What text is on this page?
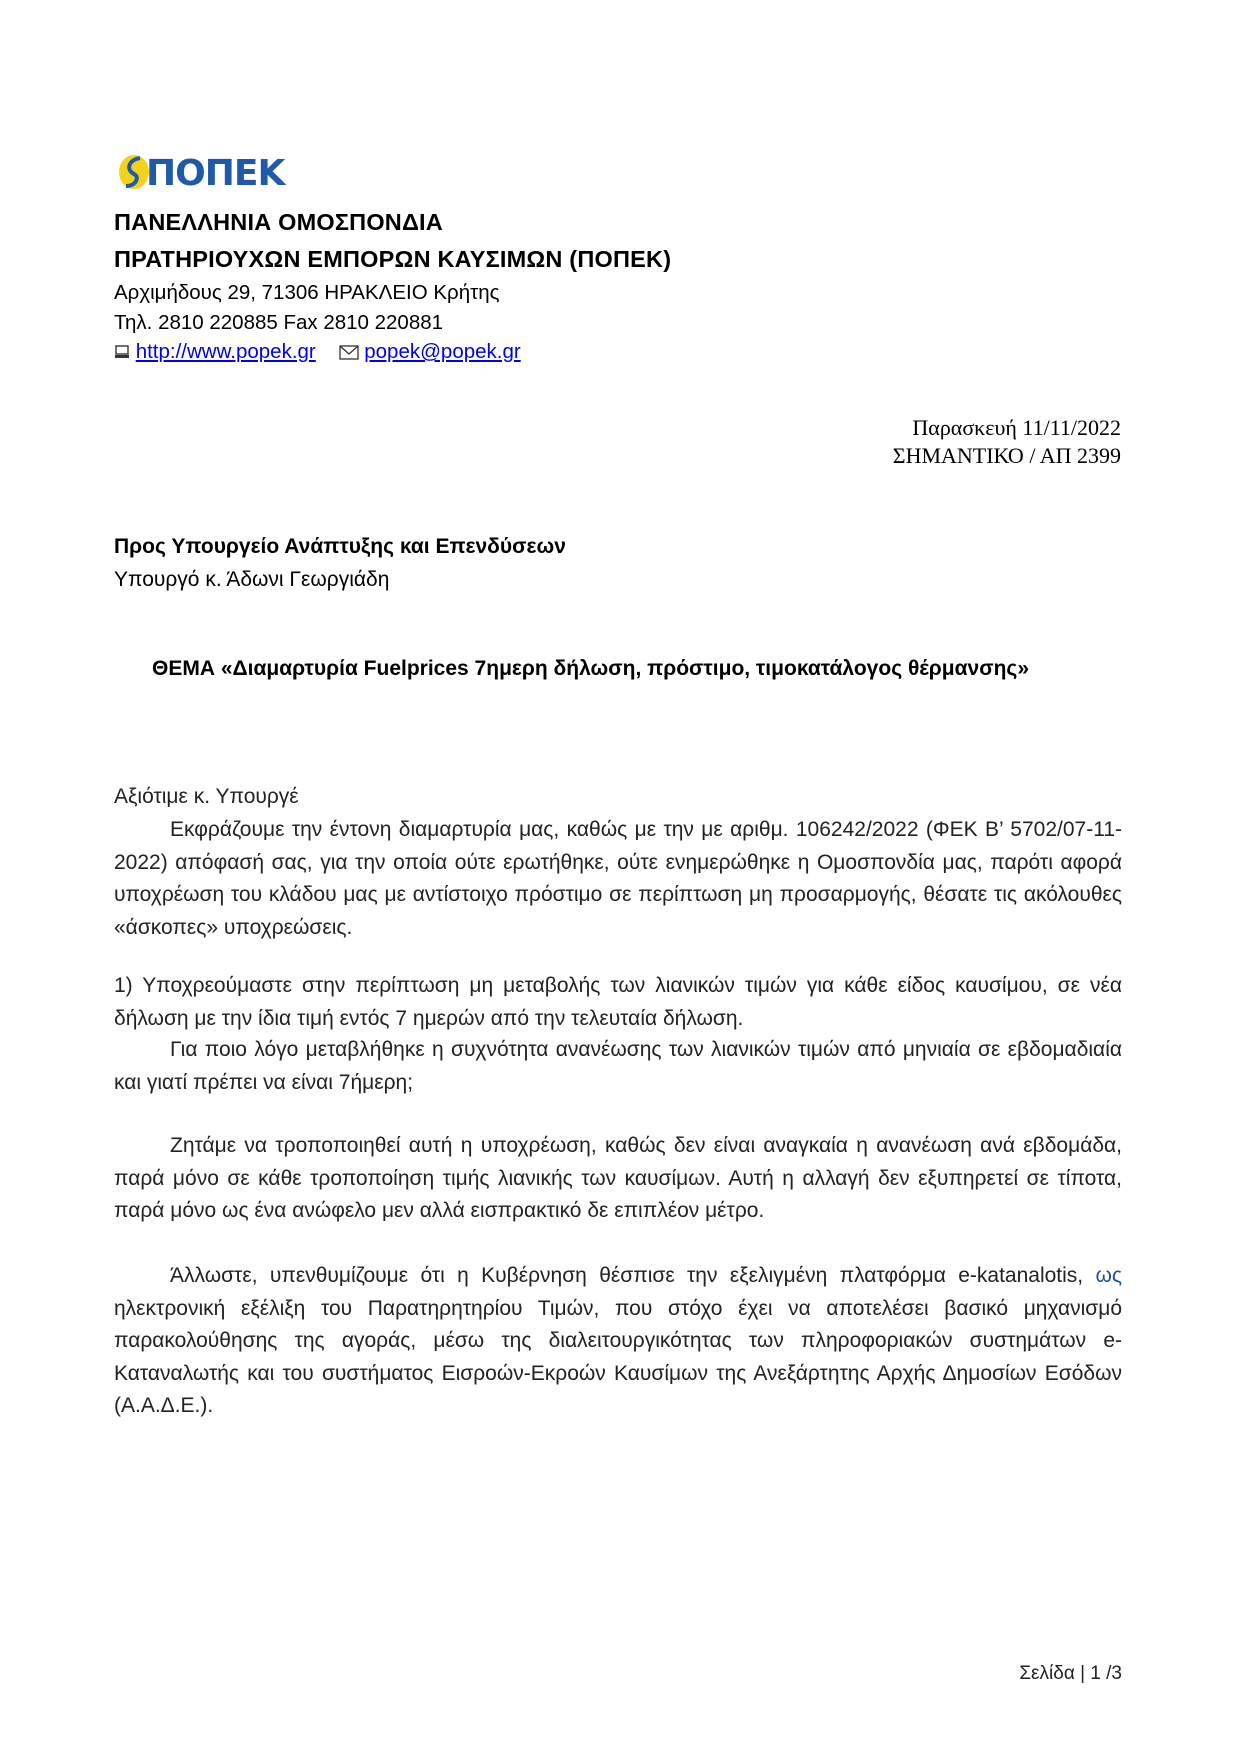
ΠΟΠΕΚ
ΠΑΝΕΛΛΗΝΙΑ ΟΜΟΣΠΟΝΔΙΑ
ΠΡΑΤΗΡΙΟΥΧΩΝ ΕΜΠΟΡΩΝ ΚΑΥΣΙΜΩΝ (ΠΟΠΕΚ)
Αρχιμήδους 29, 71306 ΗΡΑΚΛΕΙΟ Κρήτης
Τηλ. 2810 220885 Fax 2810 220881
http://www.popek.gr popek@popek.gr
Παρασκευή 11/11/2022
ΣΗΜΑΝΤΙΚΟ / ΑΠ 2399
Προς Υπουργείο Ανάπτυξης και Επενδύσεων
Υπουργό κ. Άδωνι Γεωργιάδη
ΘΕΜΑ «Διαμαρτυρία Fuelprices 7ημερη δήλωση, πρόστιμο, τιμοκατάλογος θέρμανσης»
Αξιότιμε κ. Υπουργέ

Εκφράζουμε την έντονη διαμαρτυρία μας, καθώς με την με αριθμ. 106242/2022 (ΦΕΚ Β’ 5702/07-11-2022) απόφασή σας, για την οποία ούτε ερωτήθηκε, ούτε ενημερώθηκε η Ομοσπονδία μας, παρότι αφορά υποχρέωση του κλάδου μας με αντίστοιχο πρόστιμο σε περίπτωση μη προσαρμογής, θέσατε τις ακόλουθες «άσκοπες» υποχρεώσεις.

1) Υποχρεούμαστε στην περίπτωση μη μεταβολής των λιανικών τιμών για κάθε είδος καυσίμου, σε νέα δήλωση με την ίδια τιμή εντός 7 ημερών από την τελευταία δήλωση.

Για ποιο λόγο μεταβλήθηκε η συχνότητα ανανέωσης των λιανικών τιμών από μηνιαία σε εβδομαδιαία και γιατί πρέπει να είναι 7ήμερη;

Ζητάμε να τροποποιηθεί αυτή η υποχρέωση, καθώς δεν είναι αναγκαία η ανανέωση ανά εβδομάδα, παρά μόνο σε κάθε τροποποίηση τιμής λιανικής των καυσίμων. Αυτή η αλλαγή δεν εξυπηρετεί σε τίποτα, παρά μόνο ως ένα ανώφελο μεν αλλά εισπρακτικό δε επιπλέον μέτρο.

Άλλωστε, υπενθυμίζουμε ότι η Κυβέρνηση θέσπισε την εξελιγμένη πλατφόρμα e-katanalotis, ως ηλεκτρονική εξέλιξη του Παρατηρητηρίου Τιμών, που στόχο έχει να αποτελέσει βασικό μηχανισμό παρακολούθησης της αγοράς, μέσω της διαλειτουργικότητας των πληροφοριακών συστημάτων e-Καταναλωτής και του συστήματος Εισροών-Εκροών Καυσίμων της Ανεξάρτητης Αρχής Δημοσίων Εσόδων (Α.Α.Δ.Ε.).

Σελίδα | 1 /3
